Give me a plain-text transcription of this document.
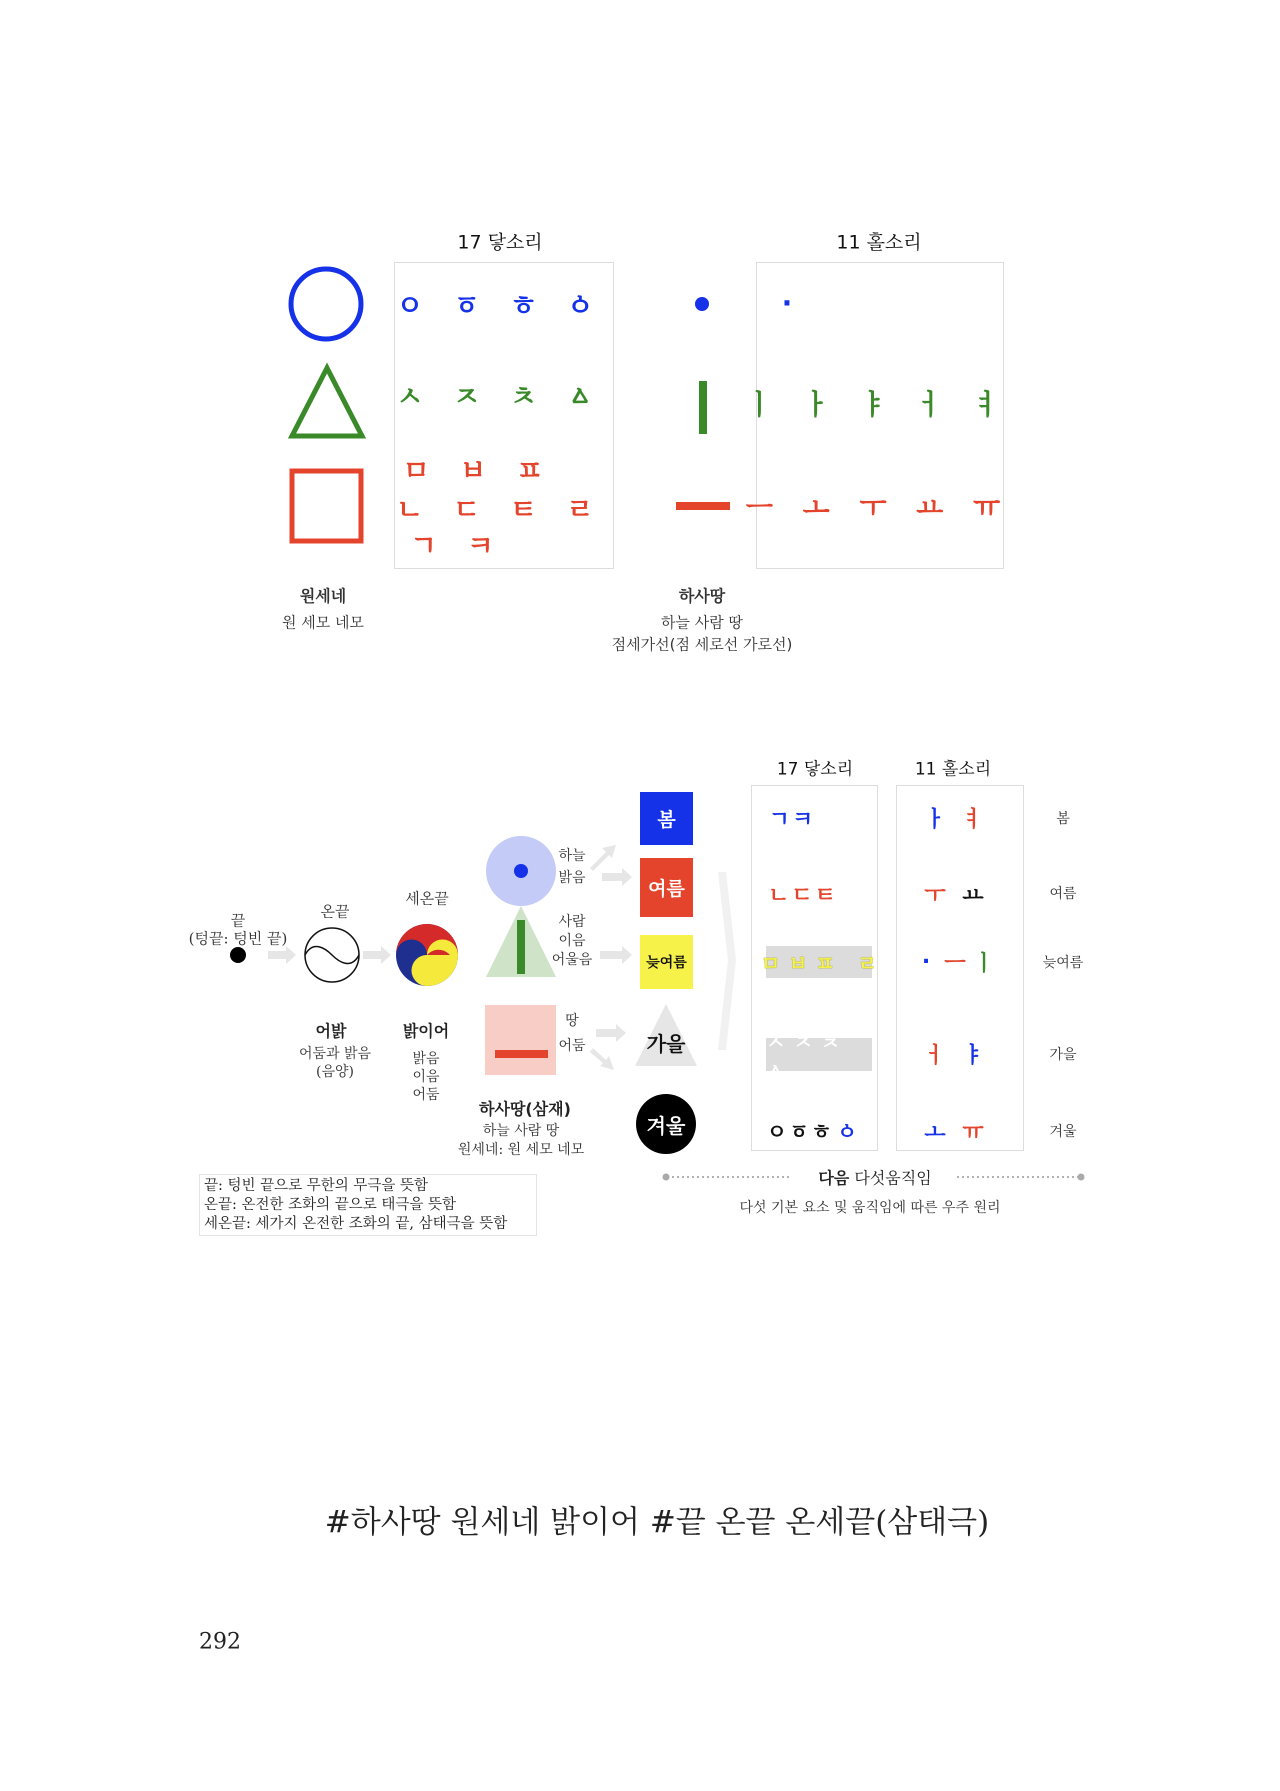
17 닿소리	11 홀소리
ㅇ ㆆ ㅎ ㆁ
ㅅ ㅈ ㅊ ㅿ
ㅁ ㅂ ㅍ
ㄴ ㄷ ㅌ ㄹ
ㄱ ㅋ
·
ㅣ ㅏ ㅑ ㅓ ㅕ
ㅡ ㅗ ㅜ ㅛ ㅠ
원세네
원 세모 네모
하사땅
하늘 사람 땅
점세가선(점 세로선 가로선)
17 닿소리	11 홀소리
끝
(텅끝: 텅빈 끝)
온끝
세온끝
어밝
어둠과 밝음
(음양)
밝이어
밝음
이음
어둠
하늘
밝음
사람
이음
어울음
땅
어둠
하사땅(삼재)
하늘 사람 땅
원세네: 원 세모 네모
봄
여름
늦여름
가을
겨울
ㄱㅋ
ㄴㄷㅌ
ㅁㅂㅍ ㄹ
ㅅㅈㅊ ㅿ
ㅇㆆㅎ ㆁ
ㅏ ㅕ
ㅜ ㅛ
· ㅡ
ㅣ
ㅓ ㅑ
ㅗ ㅠ
봄
여름
늦여름
가을
겨울
끝: 텅빈 끝으로 무한의 무극을 뜻함
온끝: 온전한 조화의 끝으로 태극을 뜻함
세온끝: 세가지 온전한 조화의 끝, 삼태극을 뜻함
다음 다섯움직임
다섯 기본 요소 및 움직임에 따른 우주 원리
#하사땅 원세네 밝이어 #끝 온끝 온세끝(삼태극)
292
